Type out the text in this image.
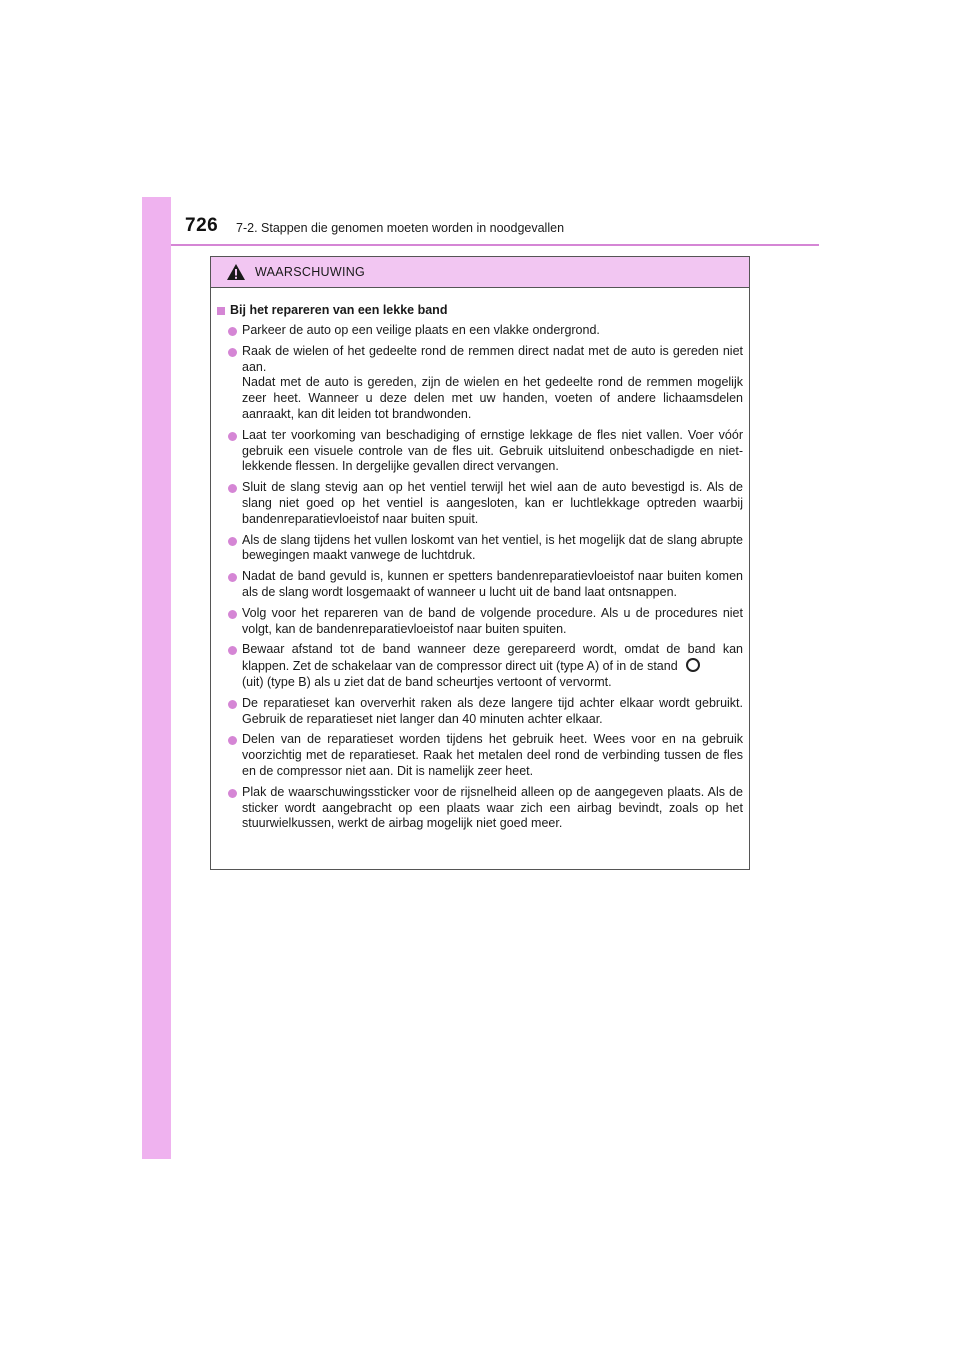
726 7-2. Stappen die genomen moeten worden in noodgevallen
WAARSCHUWING
Bij het repareren van een lekke band
Parkeer de auto op een veilige plaats en een vlakke ondergrond.
Raak de wielen of het gedeelte rond de remmen direct nadat met de auto is gereden niet aan.
Nadat met de auto is gereden, zijn de wielen en het gedeelte rond de remmen mogelijk zeer heet. Wanneer u deze delen met uw handen, voeten of andere lichaamsdelen aanraakt, kan dit leiden tot brandwonden.
Laat ter voorkoming van beschadiging of ernstige lekkage de fles niet vallen. Voer vóór gebruik een visuele controle van de fles uit. Gebruik uitsluitend onbeschadigde en niet-lekkende flessen. In dergelijke gevallen direct vervangen.
Sluit de slang stevig aan op het ventiel terwijl het wiel aan de auto bevestigd is. Als de slang niet goed op het ventiel is aangesloten, kan er luchtlekkage optreden waarbij bandenreparatievloeistof naar buiten spuit.
Als de slang tijdens het vullen loskomt van het ventiel, is het mogelijk dat de slang abrupte bewegingen maakt vanwege de luchtdruk.
Nadat de band gevuld is, kunnen er spetters bandenreparatievloeistof naar buiten komen als de slang wordt losgemaakt of wanneer u lucht uit de band laat ontsnappen.
Volg voor het repareren van de band de volgende procedure. Als u de procedures niet volgt, kan de bandenreparatievloeistof naar buiten spuiten.
Bewaar afstand tot de band wanneer deze gerepareerd wordt, omdat de band kan klappen. Zet de schakelaar van de compressor direct uit (type A) of in de stand
(uit) (type B) als u ziet dat de band scheurtjes vertoont of vervormt.
De reparatieset kan oververhit raken als deze langere tijd achter elkaar wordt gebruikt. Gebruik de reparatieset niet langer dan 40 minuten achter elkaar.
Delen van de reparatieset worden tijdens het gebruik heet. Wees voor en na gebruik voorzichtig met de reparatieset. Raak het metalen deel rond de verbinding tussen de fles en de compressor niet aan. Dit is namelijk zeer heet.
Plak de waarschuwingssticker voor de rijsnelheid alleen op de aangegeven plaats. Als de sticker wordt aangebracht op een plaats waar zich een airbag bevindt, zoals op het stuurwielkussen, werkt de airbag mogelijk niet goed meer.
